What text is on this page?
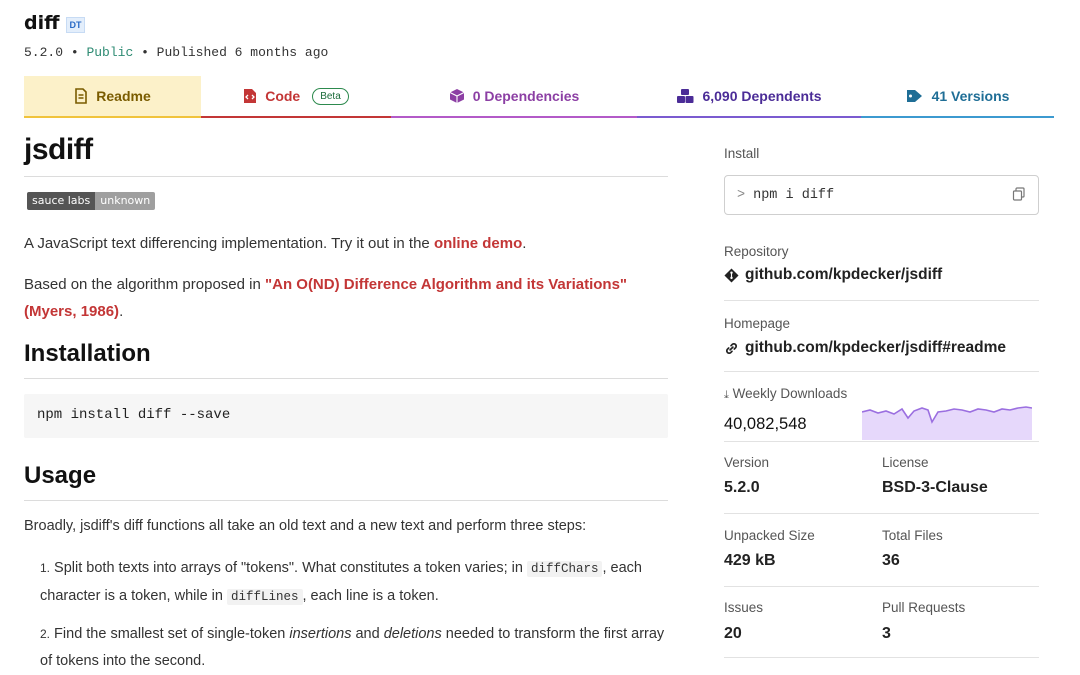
diff	DT
5.2.0 • Public • Published 6 months ago
Readme	Code	Beta	0 Dependencies	6,090 Dependents	41 Versions
jsdiff
sauce labs unknown
A JavaScript text differencing implementation. Try it out in the online demo.
Based on the algorithm proposed in "An O(ND) Difference Algorithm and its Variations" (Myers, 1986).
Installation
npm install diff --save
Usage
Broadly, jsdiff's diff functions all take an old text and a new text and perform three steps:
1. Split both texts into arrays of "tokens". What constitutes a token varies; in diffChars , each character is a token, while in diffLines , each line is a token.
2. Find the smallest set of single-token insertions and deletions needed to transform the first array of tokens into the second.
Install
> npm i diff
Repository
github.com/kpdecker/jsdiff
Homepage
github.com/kpdecker/jsdiff#readme
⤓ Weekly Downloads
40,082,548
Version
5.2.0
License
BSD-3-Clause
Unpacked Size
429 kB
Total Files
36
Issues
20
Pull Requests
3
